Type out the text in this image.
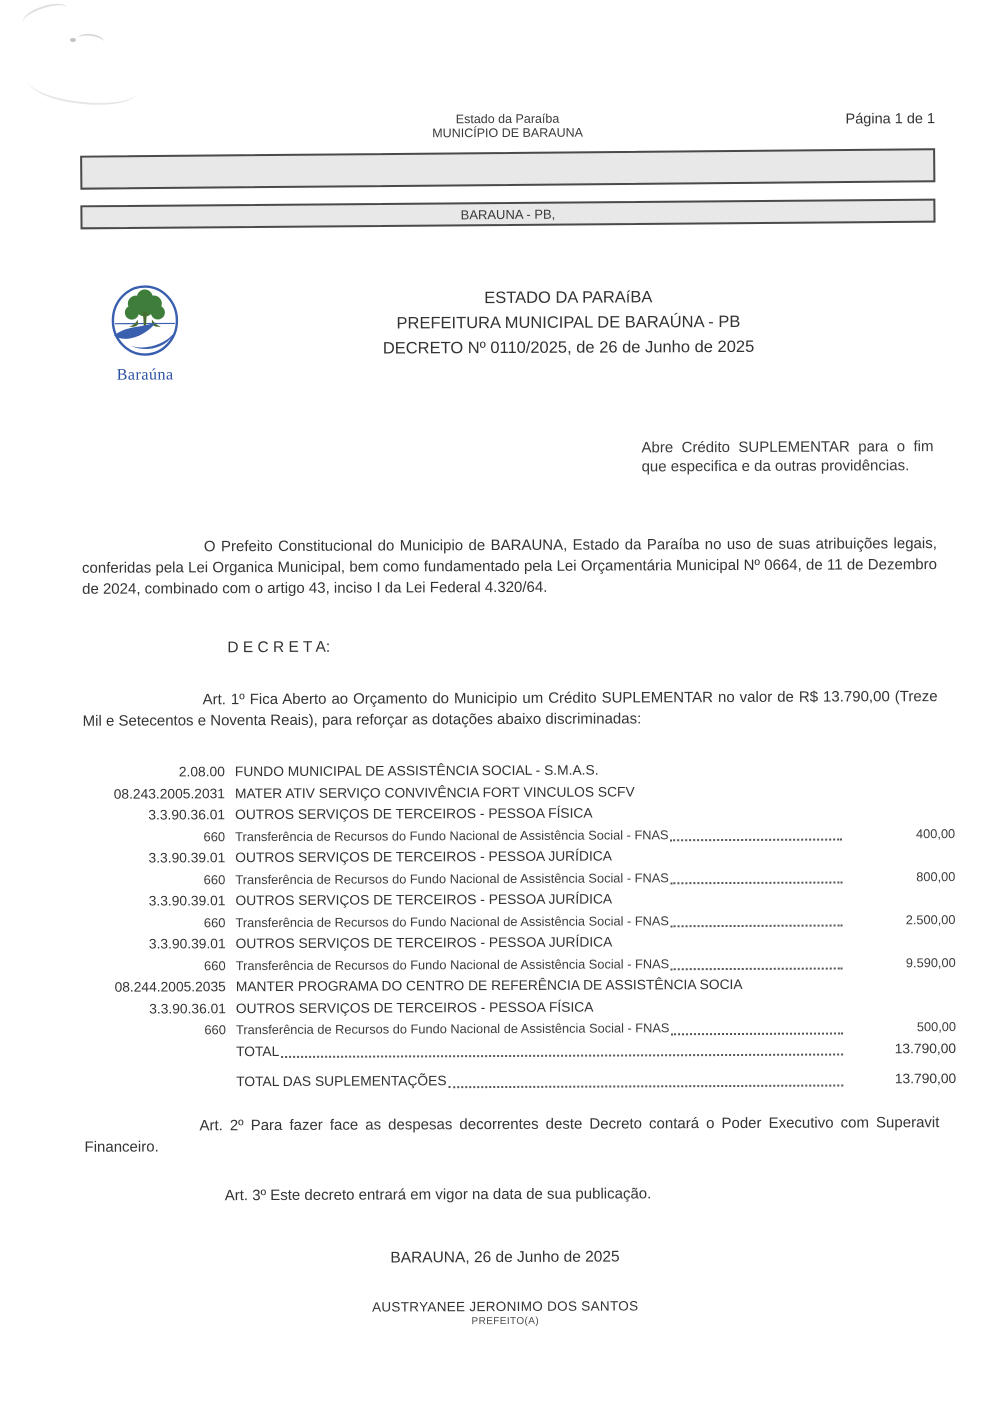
Estado da Paraíba
MUNICÍPIO DE BARAUNA
Página 1 de 1
BARAUNA - PB,
Baraúna
ESTADO DA PARAíBA
PREFEITURA MUNICIPAL DE BARAÚNA - PB
DECRETO Nº 0110/2025, de 26 de Junho de 2025
Abre Crédito SUPLEMENTAR para o fim que especifica e da outras providências.

O Prefeito Constitucional do Municipio de BARAUNA, Estado da Paraíba no uso de suas atribuições legais, conferidas pela Lei Organica Municipal, bem como fundamentado pela Lei Orçamentária Municipal Nº 0664, de 11 de Dezembro de 2024, combinado com o artigo 43, inciso I da Lei Federal 4.320/64.

D E C R E T A:

Art. 1º Fica Aberto ao Orçamento do Municipio um Crédito SUPLEMENTAR no valor de R$ 13.790,00 (Treze Mil e Setecentos e Noventa Reais), para reforçar as dotações abaixo discriminadas:

2.08.00 FUNDO MUNICIPAL DE ASSISTÊNCIA SOCIAL - S.M.A.S.
08.243.2005.2031 MATER ATIV SERVIÇO CONVIVÊNCIA FORT VINCULOS SCFV
3.3.90.36.01 OUTROS SERVIÇOS DE TERCEIROS - PESSOA FÍSICA
660 Transferência de Recursos do Fundo Nacional de Assistência Social - FNAS	400,00
3.3.90.39.01 OUTROS SERVIÇOS DE TERCEIROS - PESSOA JURÍDICA
660 Transferência de Recursos do Fundo Nacional de Assistência Social - FNAS	800,00
3.3.90.39.01 OUTROS SERVIÇOS DE TERCEIROS - PESSOA JURÍDICA
660 Transferência de Recursos do Fundo Nacional de Assistência Social - FNAS	2.500,00
3.3.90.39.01 OUTROS SERVIÇOS DE TERCEIROS - PESSOA JURÍDICA
660 Transferência de Recursos do Fundo Nacional de Assistência Social - FNAS	9.590,00
08.244.2005.2035 MANTER PROGRAMA DO CENTRO DE REFERÊNCIA DE ASSISTÊNCIA SOCIA
3.3.90.36.01 OUTROS SERVIÇOS DE TERCEIROS - PESSOA FÍSICA
660 Transferência de Recursos do Fundo Nacional de Assistência Social - FNAS	500,00
TOTAL	13.790,00
TOTAL DAS SUPLEMENTAÇÕES	13.790,00

Art. 2º Para fazer face as despesas decorrentes deste Decreto contará o Poder Executivo com Superavit Financeiro.

Art. 3º Este decreto entrará em vigor na data de sua publicação.

BARAUNA, 26 de Junho de 2025
AUSTRYANEE JERONIMO DOS SANTOS
PREFEITO(A)
